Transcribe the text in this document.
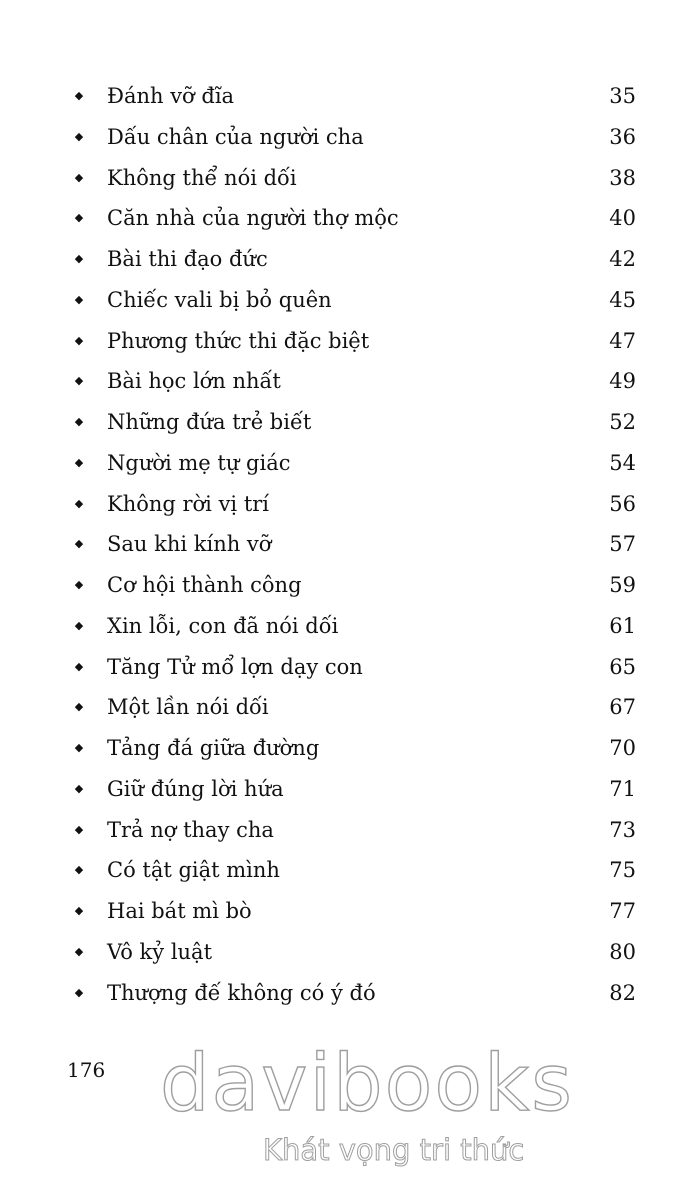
◆ Đánh vỡ đĩa	35
◆ Dấu chân của người cha	36
◆ Không thể nói dối	38
◆ Căn nhà của người thợ mộc	40
◆ Bài thi đạo đức	42
◆ Chiếc vali bị bỏ quên	45
◆ Phương thức thi đặc biệt	47
◆ Bài học lớn nhất	49
◆ Những đứa trẻ biết	52
◆ Người mẹ tự giác	54
◆ Không rời vị trí	56
◆ Sau khi kính vỡ	57
◆ Cơ hội thành công	59
◆ Xin lỗi, con đã nói dối	61
◆ Tăng Tử mổ lợn dạy con	65
◆ Một lần nói dối	67
◆ Tảng đá giữa đường	70
◆ Giữ đúng lời hứa	71
◆ Trả nợ thay cha	73
◆ Có tật giật mình	75
◆ Hai bát mì bò	77
◆ Vô kỷ luật	80
◆ Thượng đế không có ý đó	82
176 davibooks
Khát vọng tri thức
